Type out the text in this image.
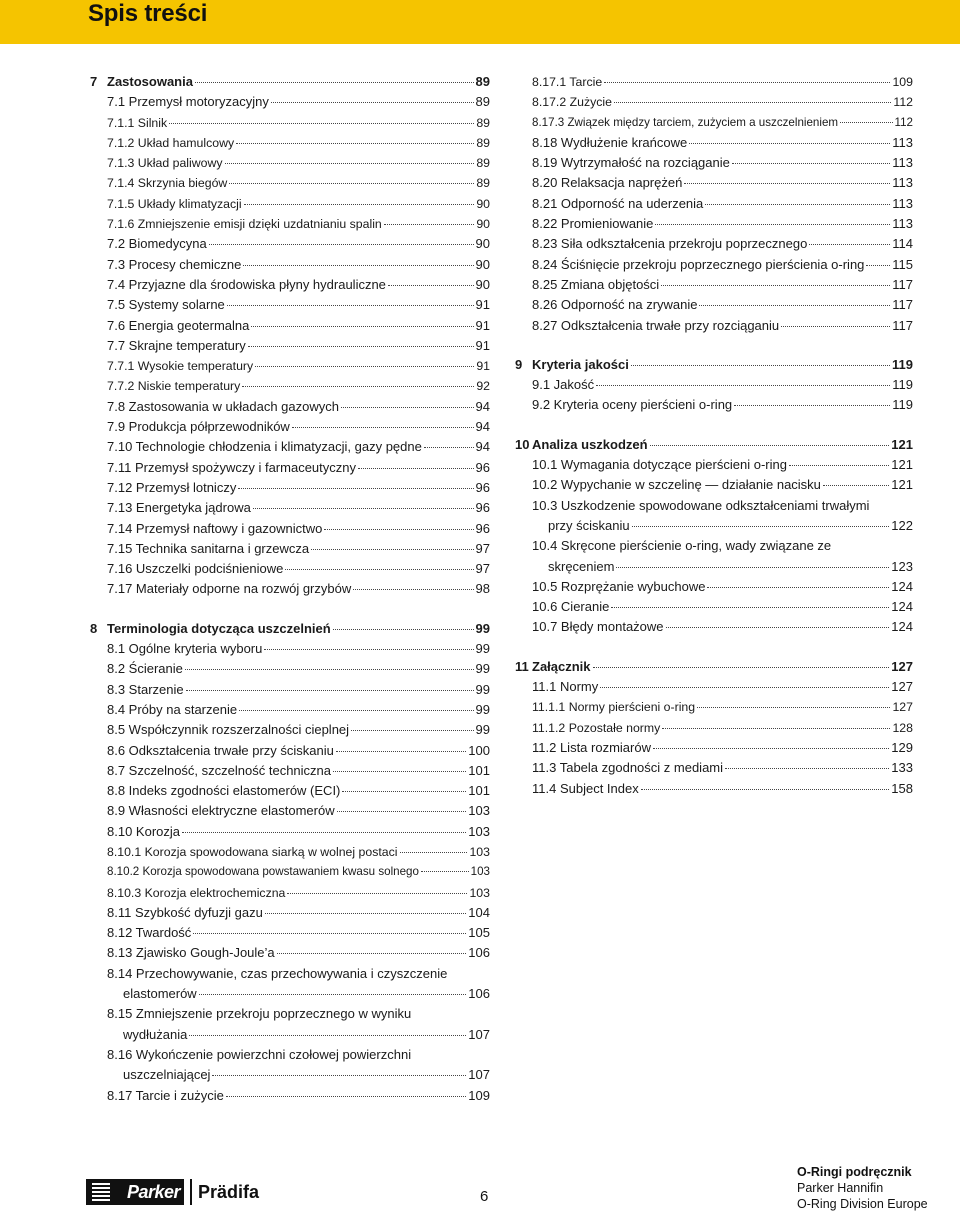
Spis treści
7 Zastosowania	89
7.1 Przemysł motoryzacyjny	89
7.1.1 Silnik	89
7.1.2 Układ hamulcowy	89
7.1.3 Układ paliwowy	89
7.1.4 Skrzynia biegów	89
7.1.5 Układy klimatyzacji	90
7.1.6 Zmniejszenie emisji dzięki uzdatnianiu spalin	90
7.2 Biomedycyna	90
7.3 Procesy chemiczne	90
7.4 Przyjazne dla środowiska płyny hydrauliczne	90
7.5 Systemy solarne	91
7.6 Energia geotermalna	91
7.7 Skrajne temperatury	91
7.7.1 Wysokie temperatury	91
7.7.2 Niskie temperatury	92
7.8 Zastosowania w układach gazowych	94
7.9 Produkcja półprzewodników	94
7.10 Technologie chłodzenia i klimatyzacji, gazy pędne	94
7.11 Przemysł spożywczy i farmaceutyczny	96
7.12 Przemysł lotniczy	96
7.13 Energetyka jądrowa	96
7.14 Przemysł naftowy i gazownictwo	96
7.15 Technika sanitarna i grzewcza	97
7.16 Uszczelki podciśnieniowe	97
7.17 Materiały odporne na rozwój grzybów	98
8 Terminologia dotycząca uszczelnień	99
8.1 Ogólne kryteria wyboru	99
8.2 Ścieranie	99
8.3 Starzenie	99
8.4 Próby na starzenie	99
8.5 Współczynnik rozszerzalności cieplnej	99
8.6 Odkształcenia trwałe przy ściskaniu	100
8.7 Szczelność, szczelność techniczna	101
8.8 Indeks zgodności elastomerów (ECI)	101
8.9 Własności elektryczne elastomerów	103
8.10 Korozja	103
8.10.1 Korozja spowodowana siarką w wolnej postaci	103
8.10.2 Korozja spowodowana powstawaniem kwasu solnego	103
8.10.3 Korozja elektrochemiczna	103
8.11 Szybkość dyfuzji gazu	104
8.12 Twardość	105
8.13 Zjawisko Gough-Joule’a	106
8.14 Przechowywanie, czas przechowywania i czyszczenie
elastomerów	106
8.15 Zmniejszenie przekroju poprzecznego w wyniku
wydłużania	107
8.16 Wykończenie powierzchni czołowej powierzchni
uszczelniającej	107
8.17 Tarcie i zużycie	109
8.17.1 Tarcie	109
8.17.2 Zużycie	112
8.17.3 Związek między tarciem, zużyciem a uszczelnieniem	112
8.18 Wydłużenie krańcowe	113
8.19 Wytrzymałość na rozciąganie	113
8.20 Relaksacja naprężeń	113
8.21 Odporność na uderzenia	113
8.22 Promieniowanie	113
8.23 Siła odkształcenia przekroju poprzecznego	114
8.24 Ściśnięcie przekroju poprzecznego pierścienia o-ring 115
8.25 Zmiana objętości	117
8.26 Odporność na zrywanie	117
8.27 Odkształcenia trwałe przy rozciąganiu	117
9 Kryteria jakości	119
9.1 Jakość	119
9.2 Kryteria oceny pierścieni o-ring	119
10 Analiza uszkodzeń	121
10.1 Wymagania dotyczące pierścieni o-ring	121
10.2 Wypychanie w szczelinę — działanie nacisku	121
10.3 Uszkodzenie spowodowane odkształceniami trwałymi
przy ściskaniu	122
10.4 Skręcone pierścienie o-ring, wady związane ze
skręceniem	123
10.5 Rozprężanie wybuchowe	124
10.6 Cieranie	124
10.7 Błędy montażowe	124
11 Załącznik	127
11.1 Normy	127
11.1.1 Normy pierścieni o-ring	127
11.1.2 Pozostałe normy	128
11.2 Lista rozmiarów	129
11.3 Tabela zgodności z mediami	133
11.4 Subject Index	158
Parker Prädifa	6
O-Ringi podręcznik
Parker Hannifin
O-Ring Division Europe
